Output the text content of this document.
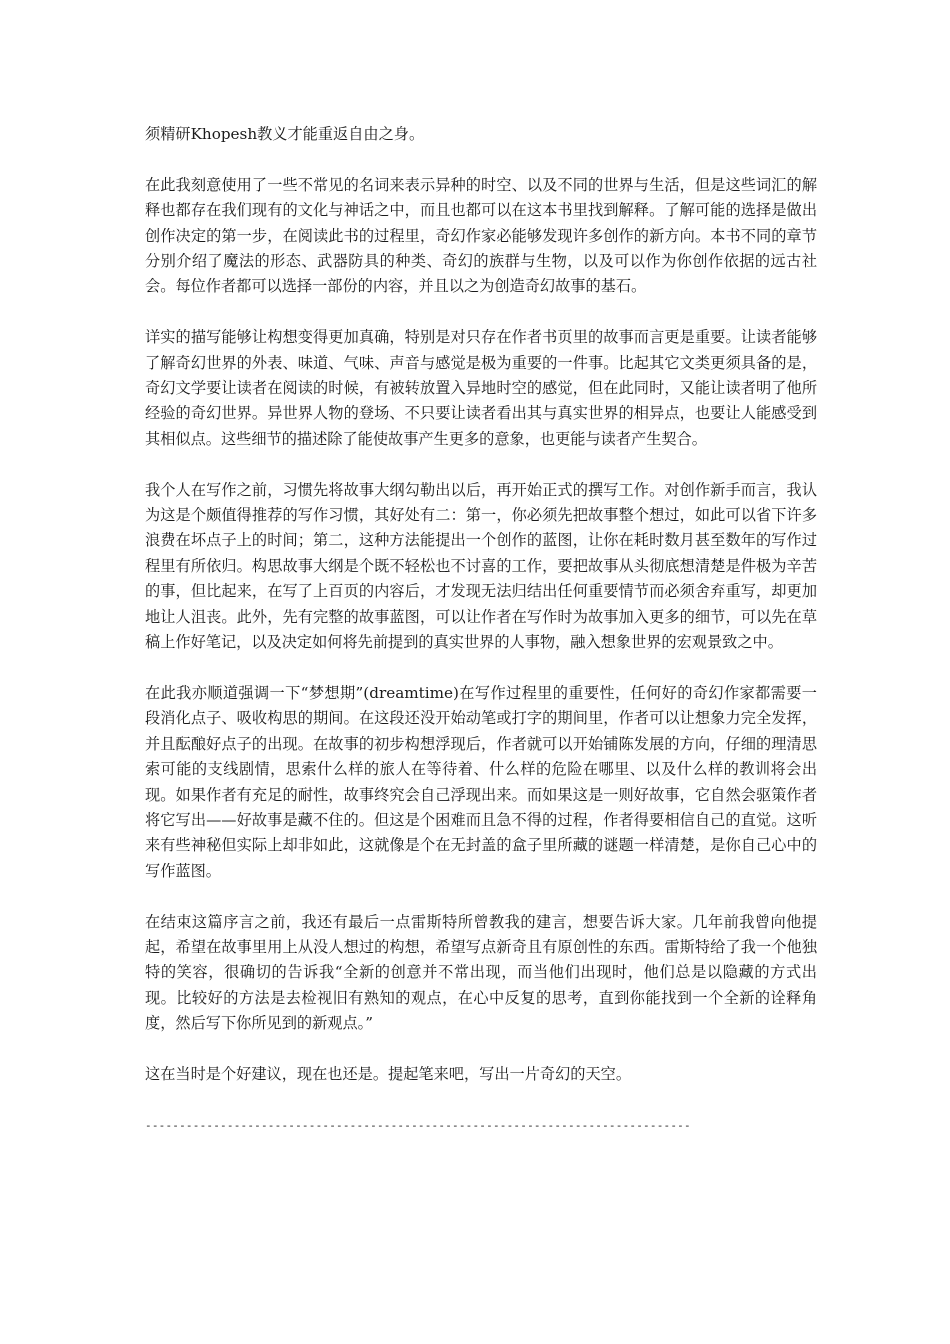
须精研Khopesh教义才能重返自由之身。

在此我刻意使用了一些不常见的名词来表示异种的时空、以及不同的世界与生活，但是这些词汇的解释也都存在我们现有的文化与神话之中，而且也都可以在这本书里找到解释。了解可能的选择是做出创作决定的第一步，在阅读此书的过程里，奇幻作家必能够发现许多创作的新方向。本书不同的章节分别介绍了魔法的形态、武器防具的种类、奇幻的族群与生物，以及可以作为你创作依据的远古社会。每位作者都可以选择一部份的内容，并且以之为创造奇幻故事的基石。

详实的描写能够让构想变得更加真确，特别是对只存在作者书页里的故事而言更是重要。让读者能够了解奇幻世界的外表、味道、气味、声音与感觉是极为重要的一件事。比起其它文类更须具备的是，奇幻文学要让读者在阅读的时候，有被转放置入异地时空的感觉，但在此同时，又能让读者明了他所经验的奇幻世界。异世界人物的登场、不只要让读者看出其与真实世界的相异点，也要让人能感受到其相似点。这些细节的描述除了能使故事产生更多的意象，也更能与读者产生契合。

我个人在写作之前，习惯先将故事大纲勾勒出以后，再开始正式的撰写工作。对创作新手而言，我认为这是个颇值得推荐的写作习惯，其好处有二：第一，你必须先把故事整个想过，如此可以省下许多浪费在坏点子上的时间；第二，这种方法能提出一个创作的蓝图，让你在耗时数月甚至数年的写作过程里有所依归。构思故事大纲是个既不轻松也不讨喜的工作，要把故事从头彻底想清楚是件极为辛苦的事，但比起来，在写了上百页的内容后，才发现无法归结出任何重要情节而必须舍弃重写，却更加地让人沮丧。此外，先有完整的故事蓝图，可以让作者在写作时为故事加入更多的细节，可以先在草稿上作好笔记，以及决定如何将先前提到的真实世界的人事物，融入想象世界的宏观景致之中。

在此我亦顺道强调一下“梦想期”(dreamtime)在写作过程里的重要性，任何好的奇幻作家都需要一段消化点子、吸收构思的期间。在这段还没开始动笔或打字的期间里，作者可以让想象力完全发挥，并且酝酿好点子的出现。在故事的初步构想浮现后，作者就可以开始铺陈发展的方向，仔细的理清思索可能的支线剧情，思索什么样的旅人在等待着、什么样的危险在哪里、以及什么样的教训将会出现。如果作者有充足的耐性，故事终究会自己浮现出来。而如果这是一则好故事，它自然会驱策作者将它写出——好故事是藏不住的。但这是个困难而且急不得的过程，作者得要相信自己的直觉。这听来有些神秘但实际上却非如此，这就像是个在无封盖的盒子里所藏的谜题一样清楚，是你自己心中的写作蓝图。

在结束这篇序言之前，我还有最后一点雷斯特所曾教我的建言，想要告诉大家。几年前我曾向他提起，希望在故事里用上从没人想过的构想，希望写点新奇且有原创性的东西。雷斯特给了我一个他独特的笑容，很确切的告诉我“全新的创意并不常出现，而当他们出现时，他们总是以隐藏的方式出现。比较好的方法是去检视旧有熟知的观点，在心中反复的思考，直到你能找到一个全新的诠释角度，然后写下你所见到的新观点。”

这在当时是个好建议，现在也还是。提起笔来吧，写出一片奇幻的天空。

--------------------------------------------------------------------------------
